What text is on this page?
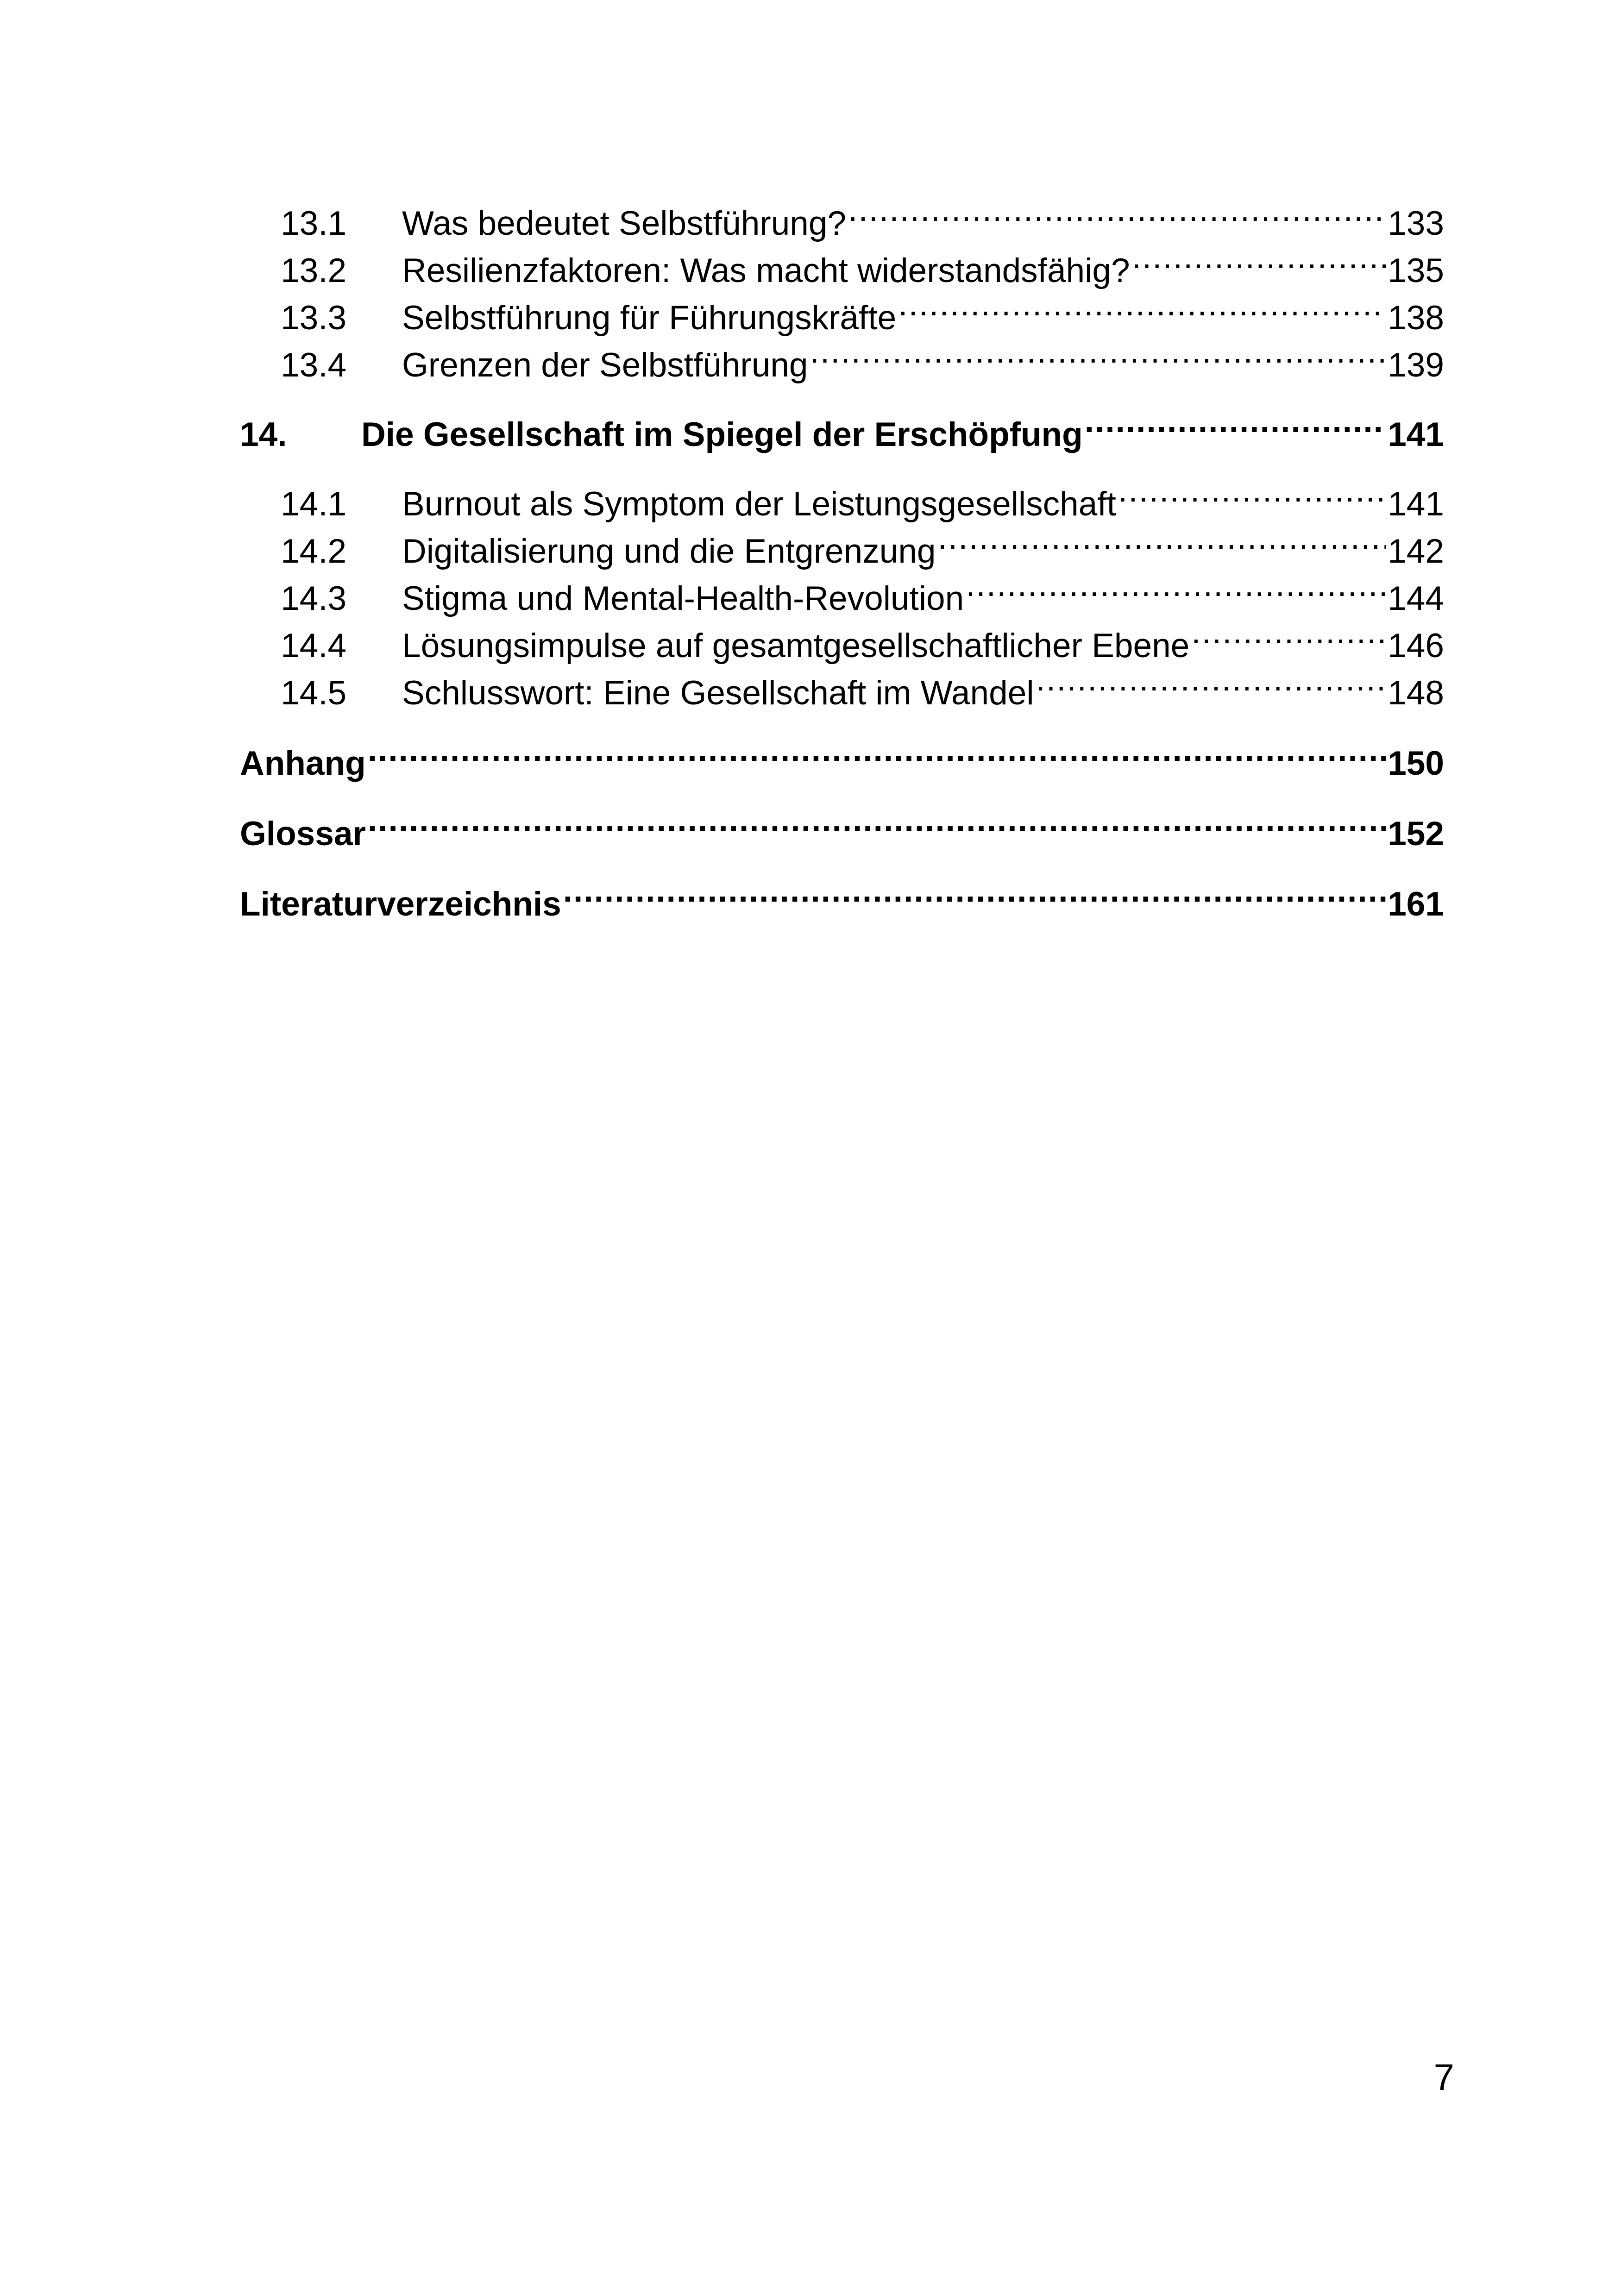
13.1	Was bedeutet Selbstführung? .....	133
13.2	Resilienzfaktoren: Was macht widerstandsfähig? .....	135
13.3	Selbstführung für Führungskräfte .....	138
13.4	Grenzen der Selbstführung .....	139
14.	Die Gesellschaft im Spiegel der Erschöpfung .....	141
14.1	Burnout als Symptom der Leistungsgesellschaft .....	141
14.2	Digitalisierung und die Entgrenzung .....	142
14.3	Stigma und Mental-Health-Revolution .....	144
14.4	Lösungsimpulse auf gesamtgesellschaftlicher Ebene .....	146
14.5	Schlusswort: Eine Gesellschaft im Wandel .....	148
Anhang .....	150
Glossar .....	152
Literaturverzeichnis .....	161
7
